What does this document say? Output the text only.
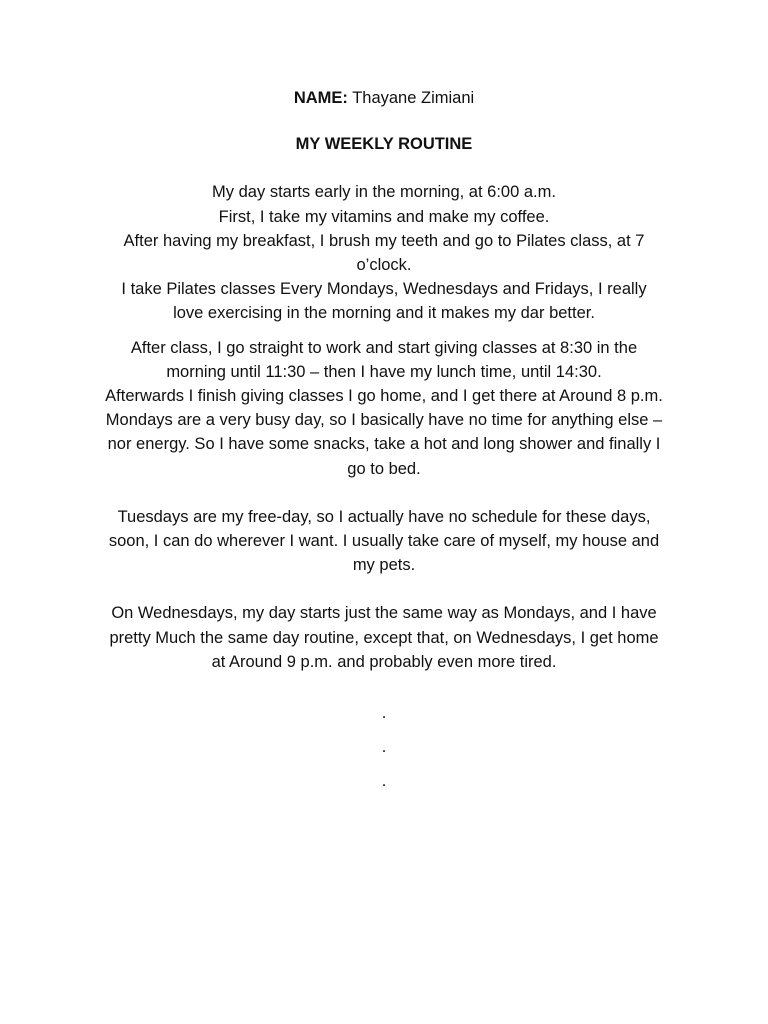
NAME: Thayane Zimiani

MY WEEKLY ROUTINE

My day starts early in the morning, at 6:00 a.m.

First, I take my vitamins and make my coffee.

After having my breakfast, I brush my teeth and go to Pilates class, at 7 o’clock.

I take Pilates classes Every Mondays, Wednesdays and Fridays, I really love exercising in the morning and it makes my dar better.

After class, I go straight to work and start giving classes at 8:30 in the morning until 11:30 – then I have my lunch time, until 14:30.

Afterwards I finish giving classes I go home, and I get there at Around 8 p.m.

Mondays are a very busy day, so I basically have no time for anything else – nor energy. So I have some snacks, take a hot and long shower and finally I go to bed.

Tuesdays are my free-day, so I actually have no schedule for these days, soon, I can do wherever I want. I usually take care of myself, my house and my pets.

On Wednesdays, my day starts just the same way as Mondays, and I have pretty Much the same day routine, except that, on Wednesdays, I get home at Around 9 p.m. and probably even more tired.

.
.
.
